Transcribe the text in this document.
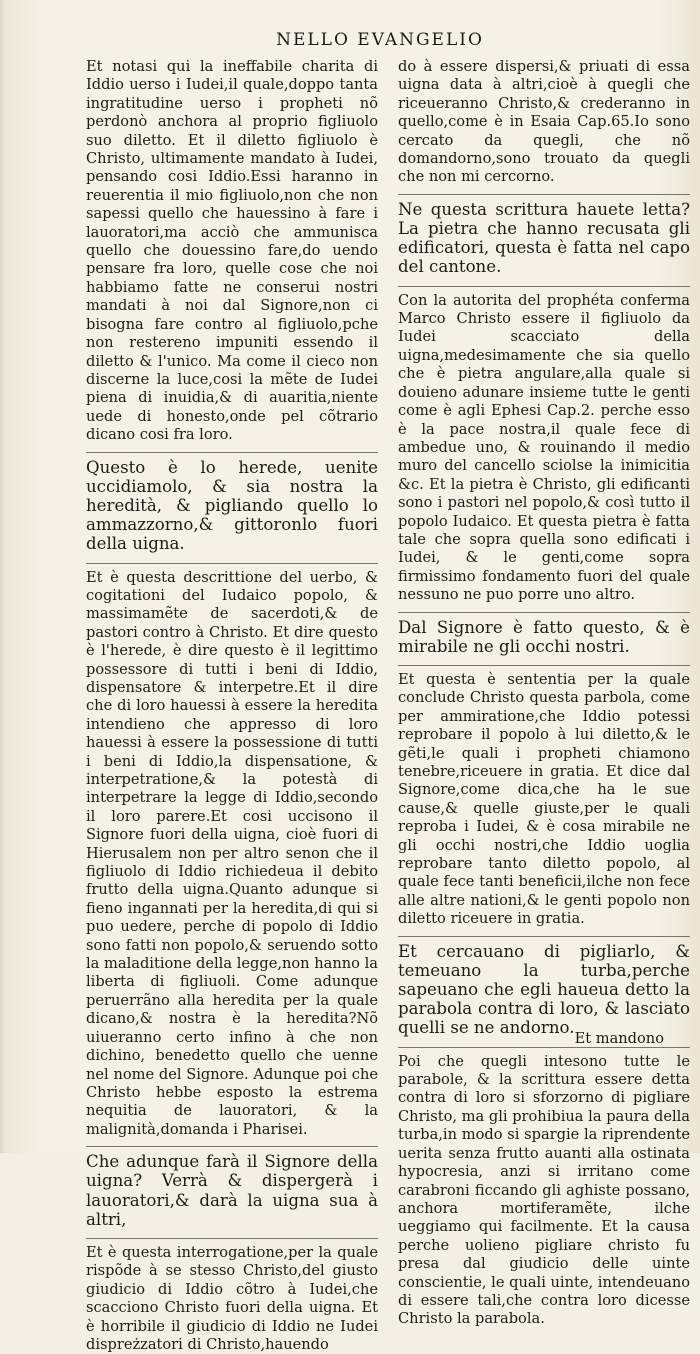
NELLO EVANGELIO

Et notasi qui la ineffabile charita di Iddio uerso i Iudei,il quale,doppo tanta ingratitudine uerso i propheti nõ perdonò anchora al proprio figliuolo suo diletto. Et il diletto figliuolo è Christo, ultimamente mandato à Iudei, pensando cosi Iddio.Essi haranno in reuerentia il mio figliuolo,non che non sapessi quello che hauessino à fare i lauoratori,ma acciò che ammunisca quello che douessino fare,do uendo pensare fra loro, quelle cose che noi habbiamo fatte ne conserui nostri mandati à noi dal Signore,non ci bisogna fare contro al figliuolo,pche non restereno impuniti essendo il diletto & l'unico. Ma come il cieco non discerne la luce,cosi la mẽte de Iudei piena di inuidia,& di auaritia,niente uede di honesto,onde pel cõtrario dicano cosi fra loro.

Questo è lo herede, uenite uccidiamolo, & sia nostra la heredità, & pigliando quello lo ammazzorno,& gittoronlo fuori della uigna.

Et è questa descrittione del uerbo, & cogitationi del Iudaico popolo, & massimamẽte de sacerdoti,& de pastori contro à Christo. Et dire questo è l'herede, è dire questo è il legittimo possessore di tutti i beni di Iddio, dispensatore & interpetre.Et il dire che di loro hauessi à essere la heredita intendieno che appresso di loro hauessi à essere la possessione di tutti i beni di Iddio,la dispensatione, & interpetratione,& la potestà di interpetrare la legge di Iddio,secondo il loro parere.Et cosi uccisono il Signore fuori della uigna, cioè fuori di Hierusalem non per altro senon che il figliuolo di Iddio richiedeua il debito frutto della uigna.Quanto adunque si fieno ingannati per la heredita,di qui si puo uedere, perche di popolo di Iddio sono fatti non popolo,& seruendo sotto la maladitione della legge,non hanno la liberta di figliuoli. Come adunque peruerrãno alla heredita per la quale dicano,& nostra è la heredita?Nõ uiueranno certo infino à che non dichino, benedetto quello che uenne nel nome del Signore. Adunque poi che Christo hebbe esposto la estrema nequitia de lauoratori, & la malignità,domanda i Pharisei.

Che adunque farà il Signore della uigna? Verrà & dispergerà i lauoratori,& darà la uigna sua à altri,

Et è questa interrogatione,per la quale rispõde à se stesso Christo,del giusto giudicio di Iddio cõtro à Iudei,che scacciono Christo fuori della uigna. Et è horribile il giudicio di Iddio ne Iudei dispreżzatori di Christo,hauendo

do à essere dispersi,& priuati di essa uigna data à altri,cioè à quegli che riceueranno Christo,& crederanno in quello,come è in Esaia Cap.65.Io sono cercato da quegli, che nõ domandorno,sono trouato da quegli che non mi cercorno.

Ne questa scrittura hauete letta? La pietra che hanno recusata gli edificatori, questa è fatta nel capo del cantone.

Con la autorita del prophéta conferma Marco Christo essere il figliuolo da Iudei scacciato della uigna,medesimamente che sia quello che è pietra angulare,alla quale si douieno adunare insieme tutte le genti come è agli Ephesi Cap.2. perche esso è la pace nostra,il quale fece di ambedue uno, & rouinando il medio muro del cancello sciolse la inimicitia &c. Et la pietra è Christo, gli edificanti sono i pastori nel popolo,& così tutto il popolo Iudaico. Et questa pietra è fatta tale che sopra quella sono edificati i Iudei, & le genti,come sopra firmissimo fondamento fuori del quale nessuno ne puo porre uno altro.

Dal Signore è fatto questo, & è mirabile ne gli occhi nostri.

Et questa è sententia per la quale conclude Christo questa parbola, come per ammiratione,che Iddio potessi reprobare il popolo à lui diletto,& le gẽti,le quali i propheti chiamono tenebre,riceuere in gratia. Et dice dal Signore,come dica,che ha le sue cause,& quelle giuste,per le quali reproba i Iudei, & è cosa mirabile ne gli occhi nostri,che Iddio uoglia reprobare tanto diletto popolo, al quale fece tanti beneficii,ilche non fece alle altre nationi,& le genti popolo non diletto riceuere in gratia.

Et cercauano di pigliarlo, & temeuano la turba,perche sapeuano che egli haueua detto la parabola contra di loro, & lasciato quelli se ne andorno.

Poi che quegli intesono tutte le parabole, & la scrittura essere detta contra di loro si sforzorno di pigliare Christo, ma gli prohibiua la paura della turba,in modo si spargie la riprendente uerita senza frutto auanti alla ostinata hypocresia, anzi si irritano come carabroni ficcando gli aghiste possano, anchora mortiferamẽte, ilche ueggiamo qui facilmente. Et la causa perche uolieno pigliare christo fu presa dal giudicio delle uinte conscientie, le quali uinte, intendeuano di essere tali,che contra loro dicesse Christo la parabola.

Et mandono
